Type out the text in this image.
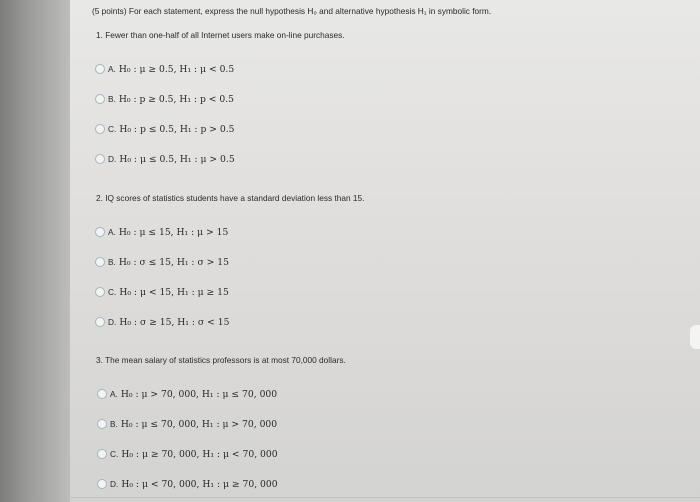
(5 points) For each statement, express the null hypothesis H₀ and alternative hypothesis H₁ in symbolic form.
1. Fewer than one-half of all Internet users make on-line purchases.
A. H₀ : μ ≥ 0.5, H₁ : μ < 0.5
B. H₀ : p ≥ 0.5, H₁ : p < 0.5
C. H₀ : p ≤ 0.5, H₁ : p > 0.5
D. H₀ : μ ≤ 0.5, H₁ : μ > 0.5
2. IQ scores of statistics students have a standard deviation less than 15.
A. H₀ : μ ≤ 15, H₁ : μ > 15
B. H₀ : σ ≤ 15, H₁ : σ > 15
C. H₀ : μ < 15, H₁ : μ ≥ 15
D. H₀ : σ ≥ 15, H₁ : σ < 15
3. The mean salary of statistics professors is at most 70,000 dollars.
A. H₀ : μ > 70, 000, H₁ : μ ≤ 70, 000
B. H₀ : μ ≤ 70, 000, H₁ : μ > 70, 000
C. H₀ : μ ≥ 70, 000, H₁ : μ < 70, 000
D. H₀ : μ < 70, 000, H₁ : μ ≥ 70, 000
